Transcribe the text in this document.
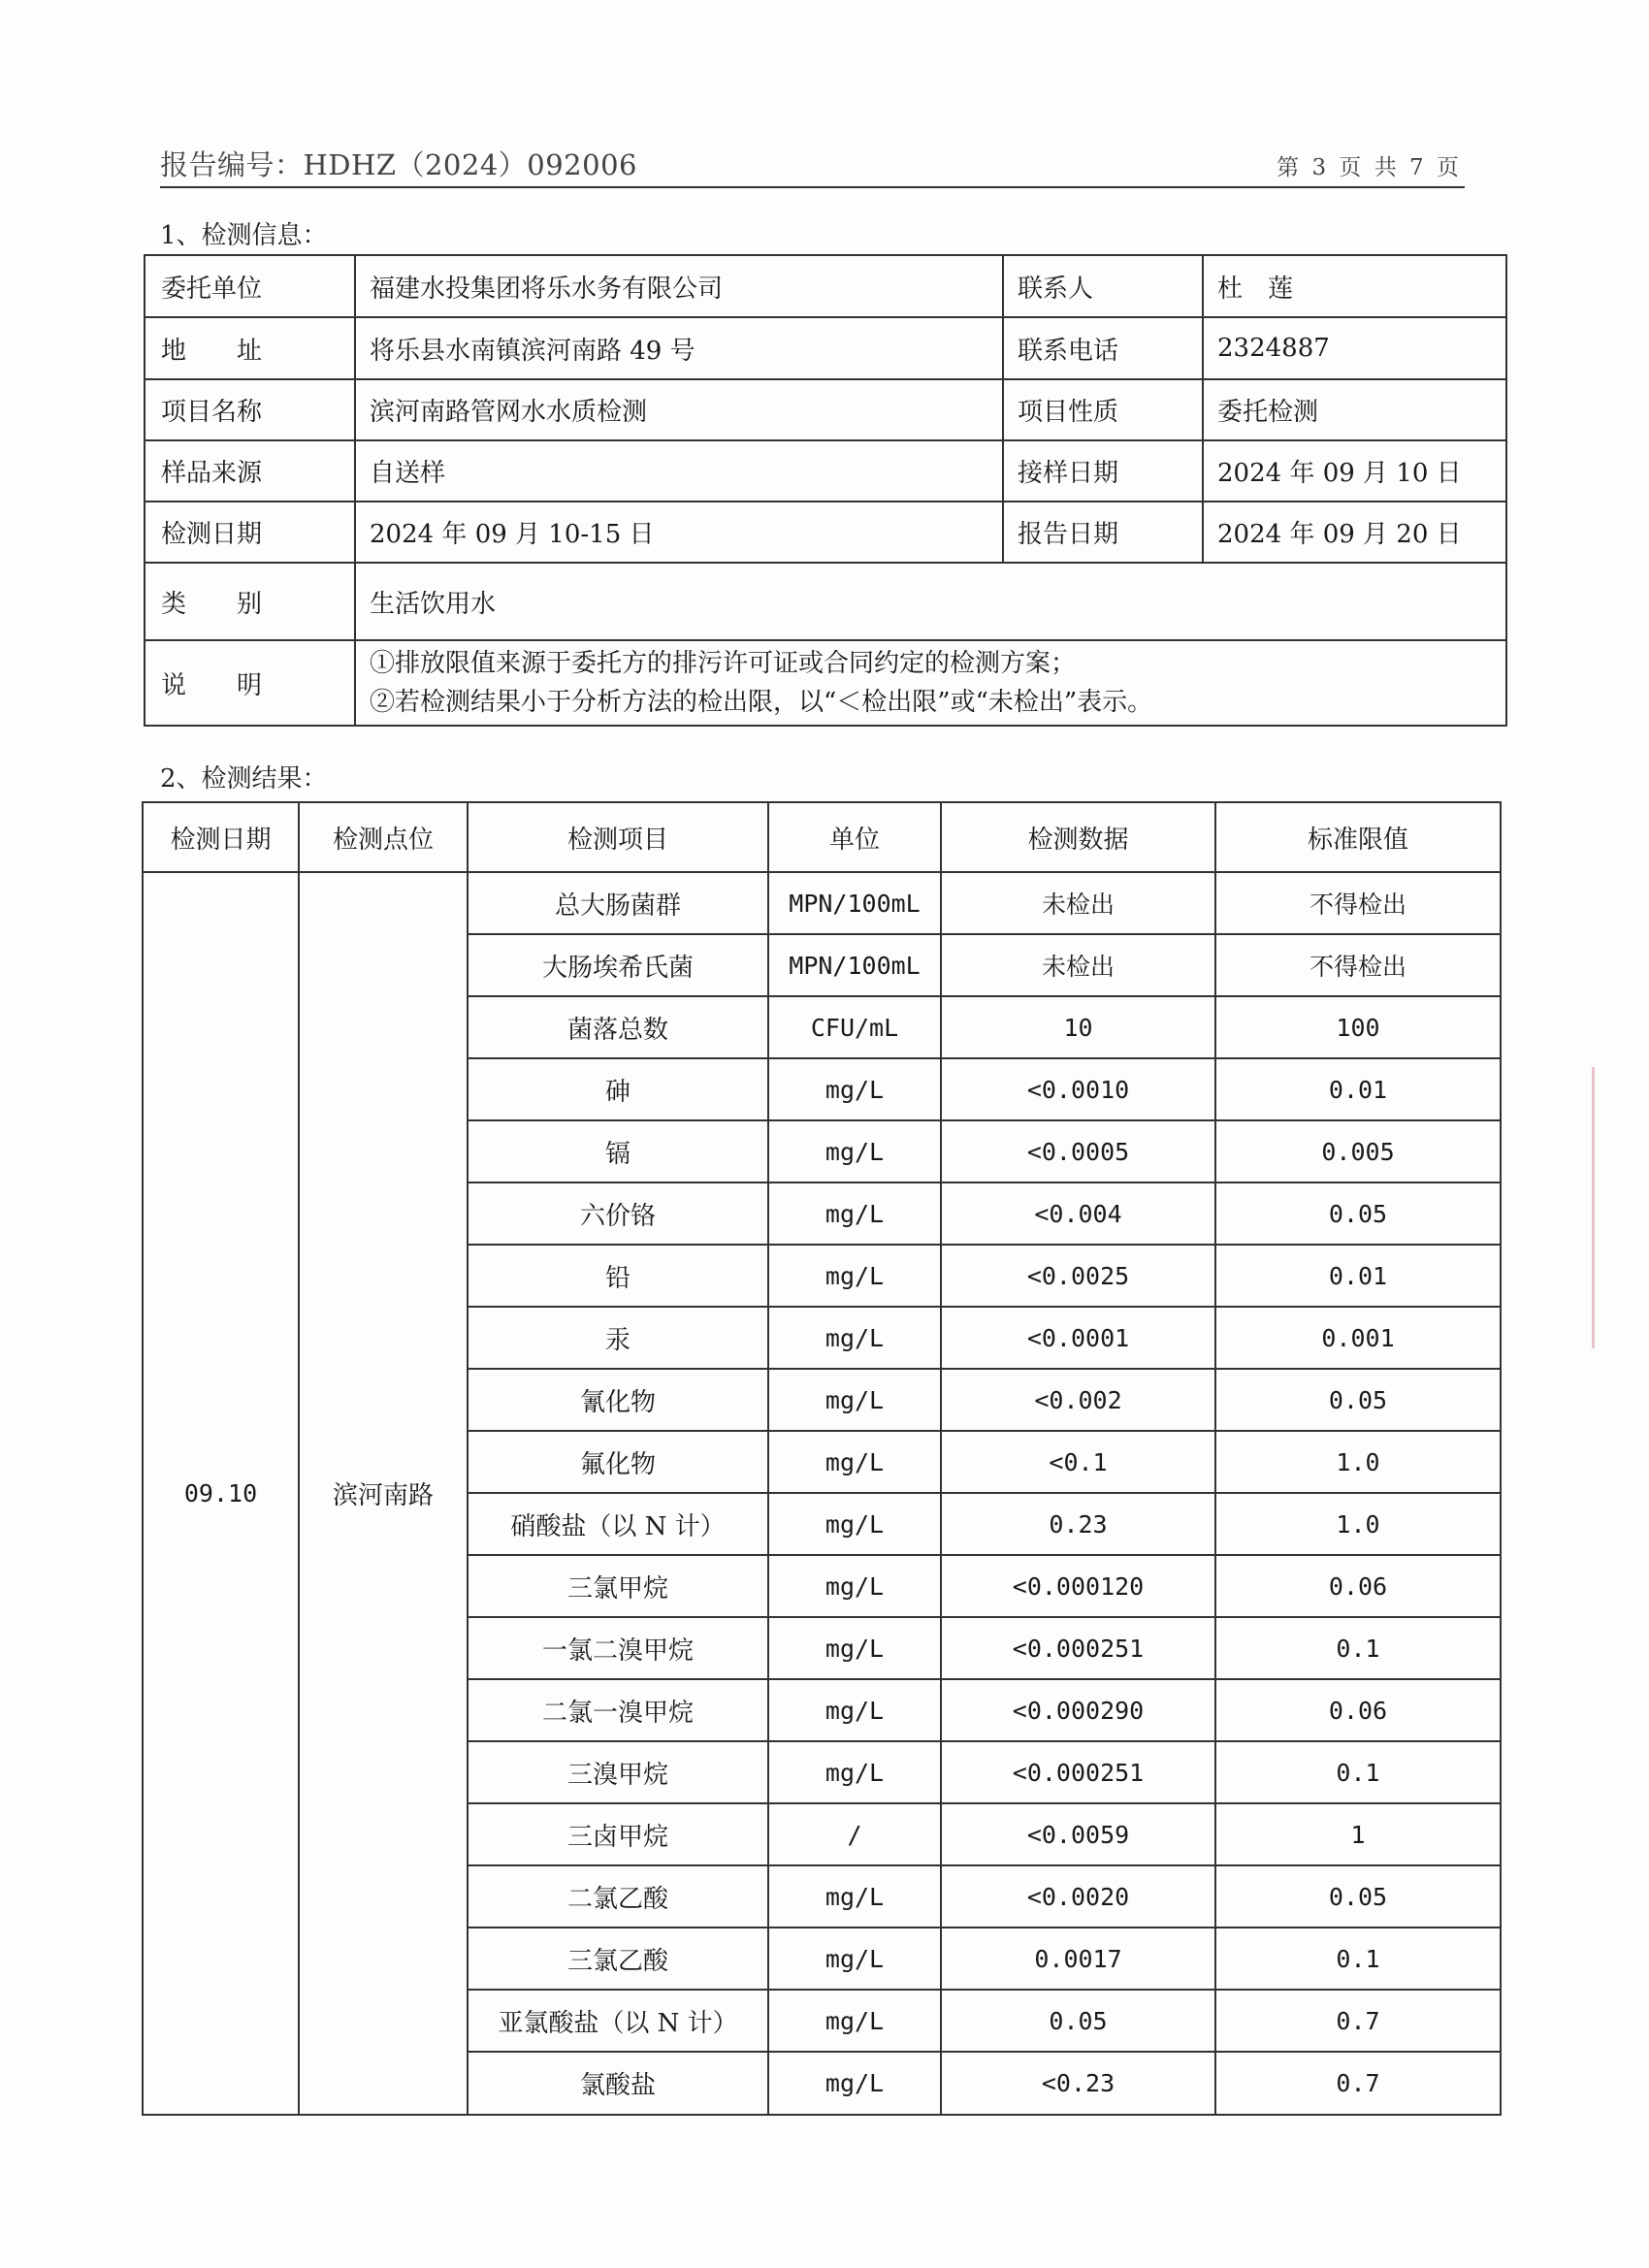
报告编号：HDHZ（2024）092006	第 3 页 共 7 页
1、检测信息：
委托单位	福建水投集团将乐水务有限公司	联系人	杜　莲
地　　址	将乐县水南镇滨河南路 49 号	联系电话	2324887
项目名称	滨河南路管网水水质检测	项目性质	委托检测
样品来源	自送样	接样日期	2024 年 09 月 10 日
检测日期	2024 年 09 月 10-15 日	报告日期	2024 年 09 月 20 日
类　　别	生活饮用水		
说　　明	①排放限值来源于委托方的排污许可证或合同约定的检测方案；
②若检测结果小于分析方法的检出限，以“＜检出限”或“未检出”表示。		
2、检测结果：
检测日期	检测点位	检测项目	单位	检测数据	标准限值
09.10	滨河南路	总大肠菌群	MPN/100mL	未检出	不得检出
		大肠埃希氏菌	MPN/100mL	未检出	不得检出
		菌落总数	CFU/mL	10	100
		砷	mg/L	<0.0010	0.01
		镉	mg/L	<0.0005	0.005
		六价铬	mg/L	<0.004	0.05
		铅	mg/L	<0.0025	0.01
		汞	mg/L	<0.0001	0.001
		氰化物	mg/L	<0.002	0.05
		氟化物	mg/L	<0.1	1.0
		硝酸盐（以 N 计）	mg/L	0.23	1.0
		三氯甲烷	mg/L	<0.000120	0.06
		一氯二溴甲烷	mg/L	<0.000251	0.1
		二氯一溴甲烷	mg/L	<0.000290	0.06
		三溴甲烷	mg/L	<0.000251	0.1
		三卤甲烷	/	<0.0059	1
		二氯乙酸	mg/L	<0.0020	0.05
		三氯乙酸	mg/L	0.0017	0.1
		亚氯酸盐（以 N 计）	mg/L	0.05	0.7
		氯酸盐	mg/L	<0.23	0.7
